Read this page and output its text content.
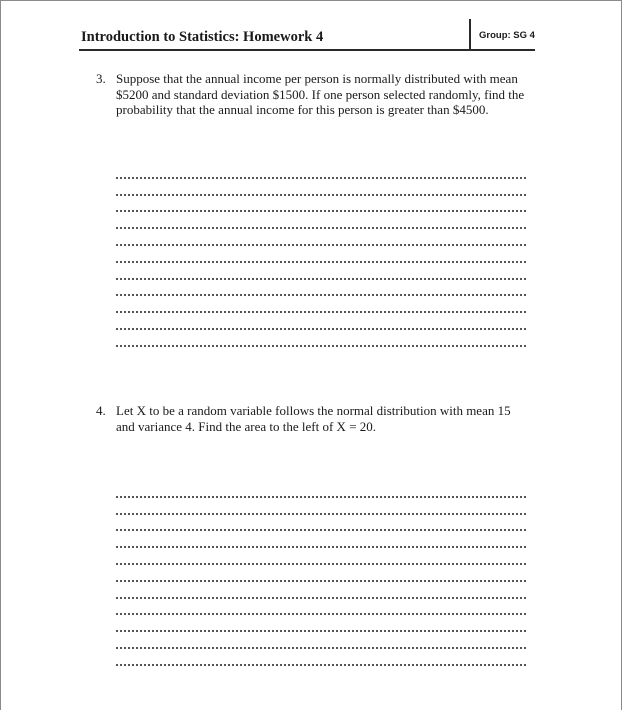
Introduction to Statistics: Homework 4	Group: SG 4
3. Suppose that the annual income per person is normally distributed with mean $5200 and standard deviation $1500. If one person selected randomly, find the probability that the annual income for this person is greater than $4500.
4. Let X to be a random variable follows the normal distribution with mean 15 and variance 4. Find the area to the left of X = 20.
